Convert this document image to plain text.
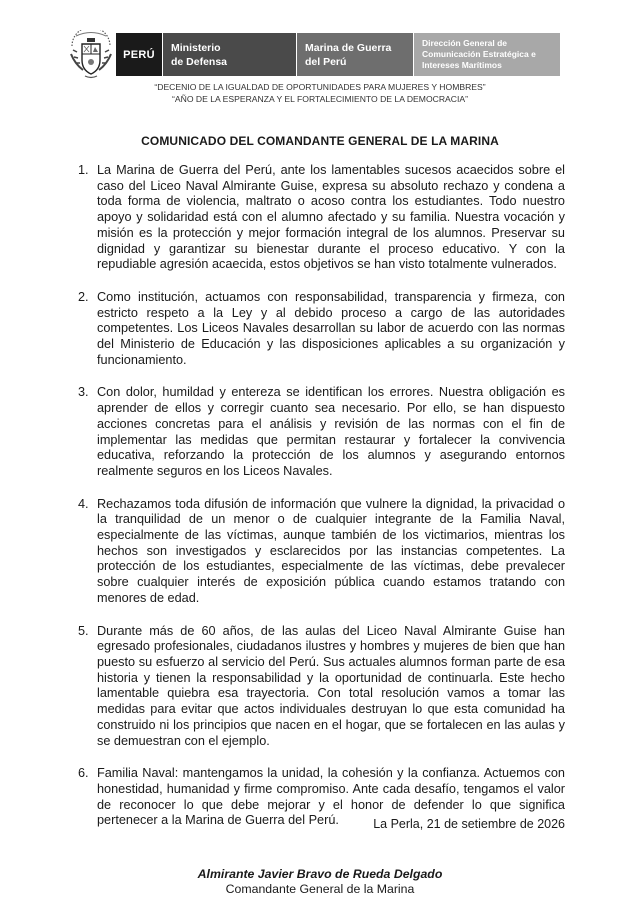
PERÚ
Ministerio
de Defensa
Marina de Guerra
del Perú
Dirección General de
Comunicación Estratégica e
Intereses Marítimos
“DECENIO DE LA IGUALDAD DE OPORTUNIDADES PARA MUJERES Y HOMBRES”
“AÑO DE LA ESPERANZA Y EL FORTALECIMIENTO DE LA DEMOCRACIA”
COMUNICADO DEL COMANDANTE GENERAL DE LA MARINA
1. La Marina de Guerra del Perú, ante los lamentables sucesos acaecidos sobre el caso del Liceo Naval Almirante Guise, expresa su absoluto rechazo y condena a toda forma de violencia, maltrato o acoso contra los estudiantes. Todo nuestro apoyo y solidaridad está con el alumno afectado y su familia. Nuestra vocación y misión es la protección y mejor formación integral de los alumnos. Preservar su dignidad y garantizar su bienestar durante el proceso educativo. Y con la repudiable agresión acaecida, estos objetivos se han visto totalmente vulnerados.
2. Como institución, actuamos con responsabilidad, transparencia y firmeza, con estricto respeto a la Ley y al debido proceso a cargo de las autoridades competentes. Los Liceos Navales desarrollan su labor de acuerdo con las normas del Ministerio de Educación y las disposiciones aplicables a su organización y funcionamiento.
3. Con dolor, humildad y entereza se identifican los errores. Nuestra obligación es aprender de ellos y corregir cuanto sea necesario. Por ello, se han dispuesto acciones concretas para el análisis y revisión de las normas con el fin de implementar las medidas que permitan restaurar y fortalecer la convivencia educativa, reforzando la protección de los alumnos y asegurando entornos realmente seguros en los Liceos Navales.
4. Rechazamos toda difusión de información que vulnere la dignidad, la privacidad o la tranquilidad de un menor o de cualquier integrante de la Familia Naval, especialmente de las víctimas, aunque también de los victimarios, mientras los hechos son investigados y esclarecidos por las instancias competentes. La protección de los estudiantes, especialmente de las víctimas, debe prevalecer sobre cualquier interés de exposición pública cuando estamos tratando con menores de edad.
5. Durante más de 60 años, de las aulas del Liceo Naval Almirante Guise han egresado profesionales, ciudadanos ilustres y hombres y mujeres de bien que han puesto su esfuerzo al servicio del Perú. Sus actuales alumnos forman parte de esa historia y tienen la responsabilidad y la oportunidad de continuarla. Este hecho lamentable quiebra esa trayectoria. Con total resolución vamos a tomar las medidas para evitar que actos individuales destruyan lo que esta comunidad ha construido ni los principios que nacen en el hogar, que se fortalecen en las aulas y se demuestran con el ejemplo.
6. Familia Naval: mantengamos la unidad, la cohesión y la confianza. Actuemos con honestidad, humanidad y firme compromiso. Ante cada desafío, tengamos el valor de reconocer lo que debe mejorar y el honor de defender lo que significa pertenecer a la Marina de Guerra del Perú.	La Perla, 21 de setiembre de 2026
Almirante Javier Bravo de Rueda Delgado
Comandante General de la Marina
